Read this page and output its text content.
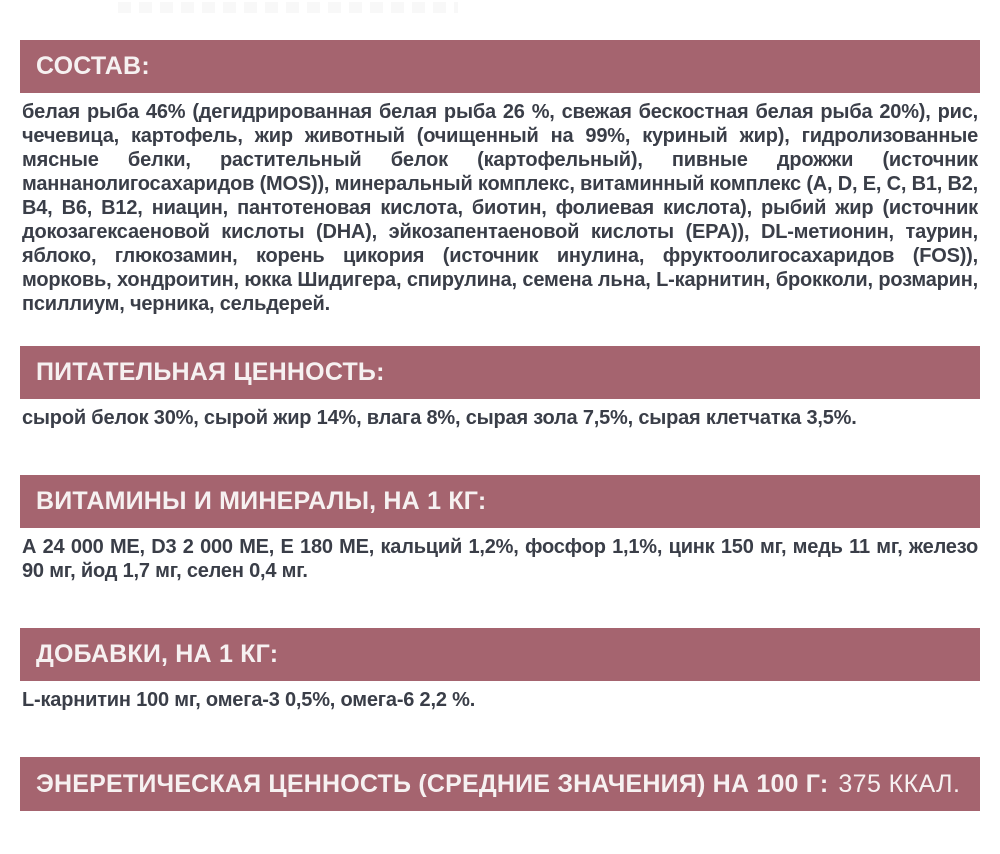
СОСТАВ:

белая рыба 46% (дегидрированная белая рыба 26 %, свежая бескостная белая рыба 20%), рис, чечевица, картофель, жир животный (очищенный на 99%, куриный жир), гидролизованные мясные белки, растительный белок (картофельный), пивные дрожжи (источник маннанолигосахаридов (MOS)), минеральный комплекс, витаминный комплекс (A, D, E, C, B1, B2, B4, B6, B12, ниацин, пантотеновая кислота, биотин, фолиевая кислота), рыбий жир (источник докозагексаеновой кислоты (DHA), эйкозапентаеновой кислоты (EPA)), DL-метионин, таурин, яблоко, глюкозамин, корень цикория (источник инулина, фруктоолигосахаридов (FOS)), морковь, хондроитин, юкка Шидигера, спирулина, семена льна, L-карнитин, брокколи, розмарин, псиллиум, черника, сельдерей.

ПИТАТЕЛЬНАЯ ЦЕННОСТЬ:

сырой белок 30%, сырой жир 14%, влага 8%, сырая зола 7,5%, сырая клетчатка 3,5%.

ВИТАМИНЫ И МИНЕРАЛЫ, НА 1 КГ:

А 24 000 МЕ, D3 2 000 МЕ, Е 180 МЕ, кальций 1,2%, фосфор 1,1%, цинк 150 мг, медь 11 мг, железо 90 мг, йод 1,7 мг, селен 0,4 мг.

ДОБАВКИ, НА 1 КГ:

L-карнитин 100 мг, омега-3 0,5%, омега-6 2,2 %.

ЭНЕРЕТИЧЕСКАЯ ЦЕННОСТЬ (СРЕДНИЕ ЗНАЧЕНИЯ) НА 100 Г: 375 ККАЛ.
